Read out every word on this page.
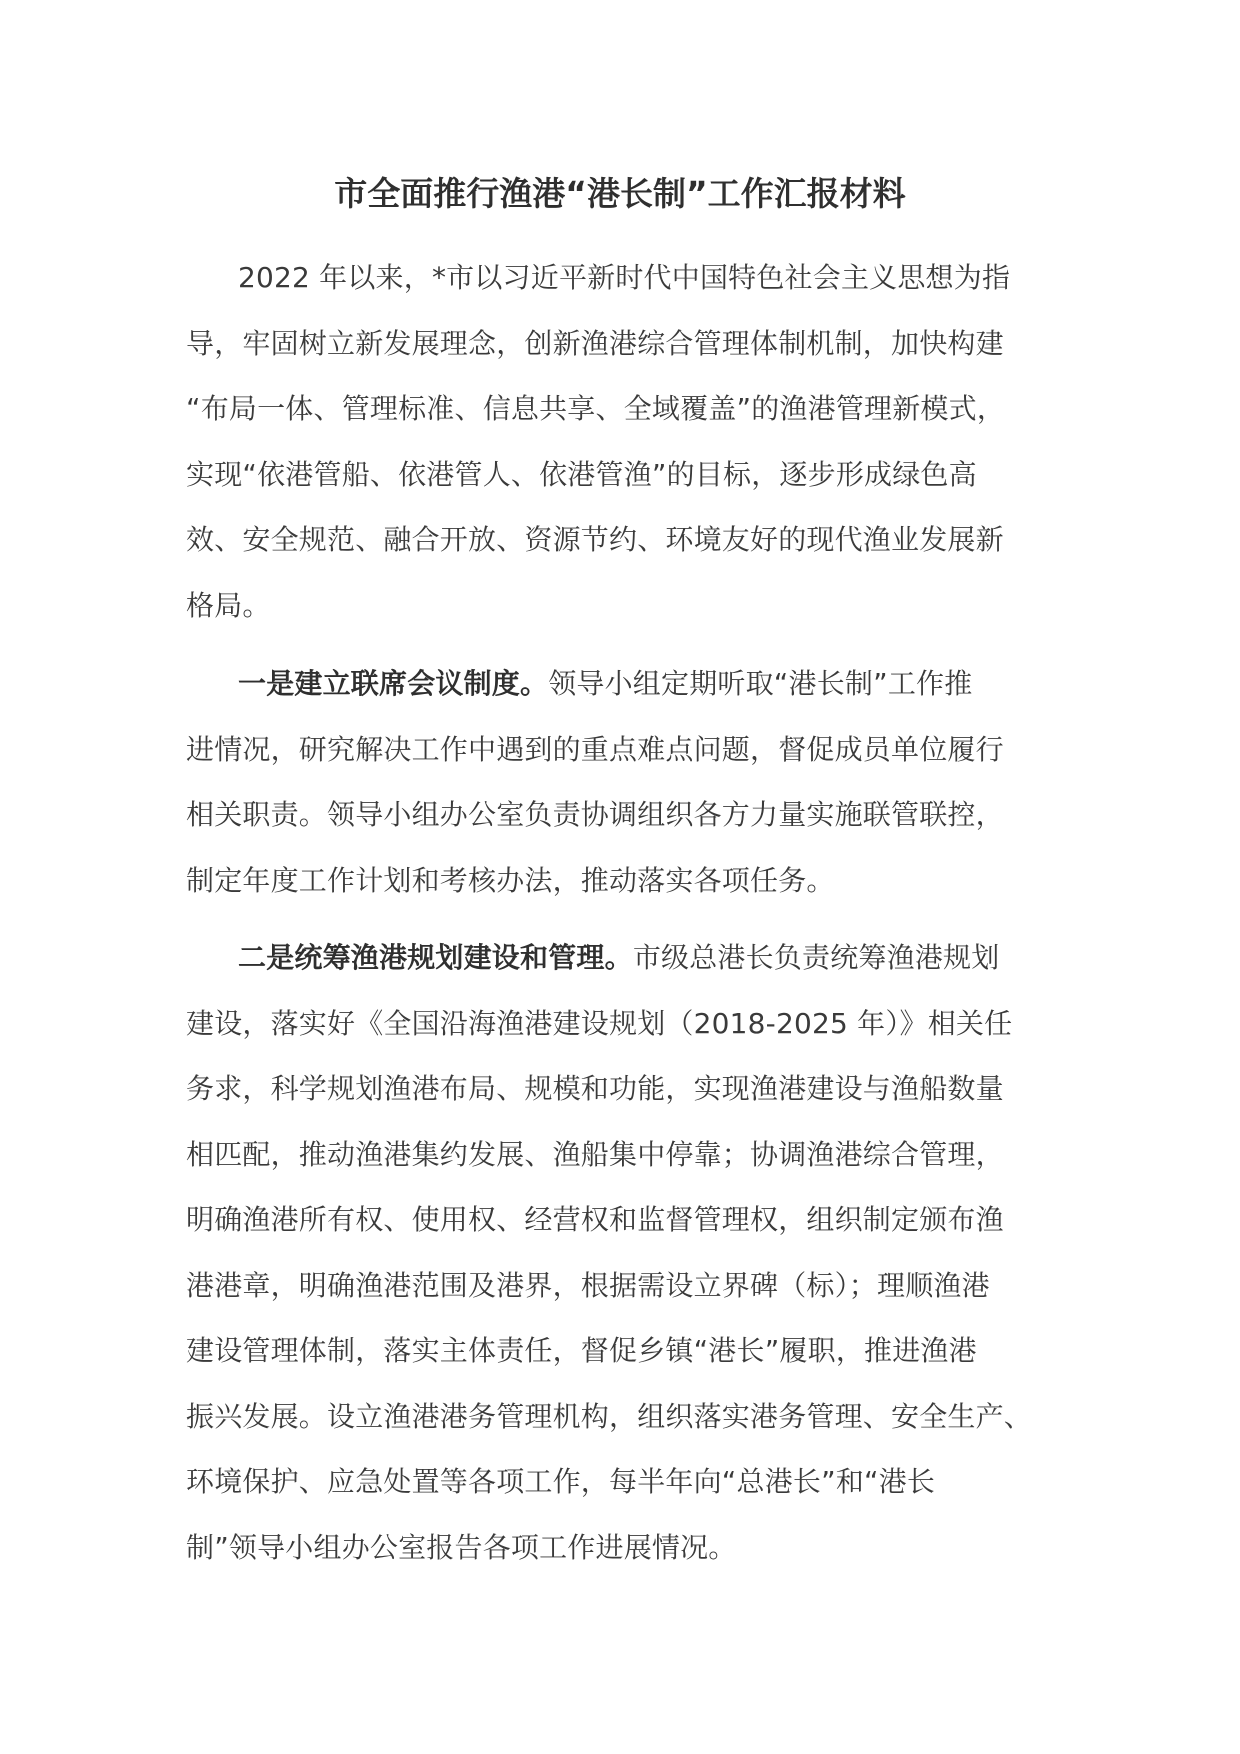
市全面推行渔港“港长制”工作汇报材料
2022 年以来，*市以习近平新时代中国特色社会主义思想为指
导，牢固树立新发展理念，创新渔港综合管理体制机制，加快构建
“布局一体、管理标准、信息共享、全域覆盖”的渔港管理新模式，
实现“依港管船、依港管人、依港管渔”的目标，逐步形成绿色高
效、安全规范、融合开放、资源节约、环境友好的现代渔业发展新
格局。
一是建立联席会议制度。领导小组定期听取“港长制”工作推
进情况，研究解决工作中遇到的重点难点问题，督促成员单位履行
相关职责。领导小组办公室负责协调组织各方力量实施联管联控，
制定年度工作计划和考核办法，推动落实各项任务。
二是统筹渔港规划建设和管理。市级总港长负责统筹渔港规划
建设，落实好《全国沿海渔港建设规划（2018-2025 年）》相关任
务求，科学规划渔港布局、规模和功能，实现渔港建设与渔船数量
相匹配，推动渔港集约发展、渔船集中停靠；协调渔港综合管理，
明确渔港所有权、使用权、经营权和监督管理权，组织制定颁布渔
港港章，明确渔港范围及港界，根据需设立界碑（标）；理顺渔港
建设管理体制，落实主体责任，督促乡镇“港长”履职，推进渔港
振兴发展。设立渔港港务管理机构，组织落实港务管理、安全生产、
环境保护、应急处置等各项工作，每半年向“总港长”和“港长
制”领导小组办公室报告各项工作进展情况。
